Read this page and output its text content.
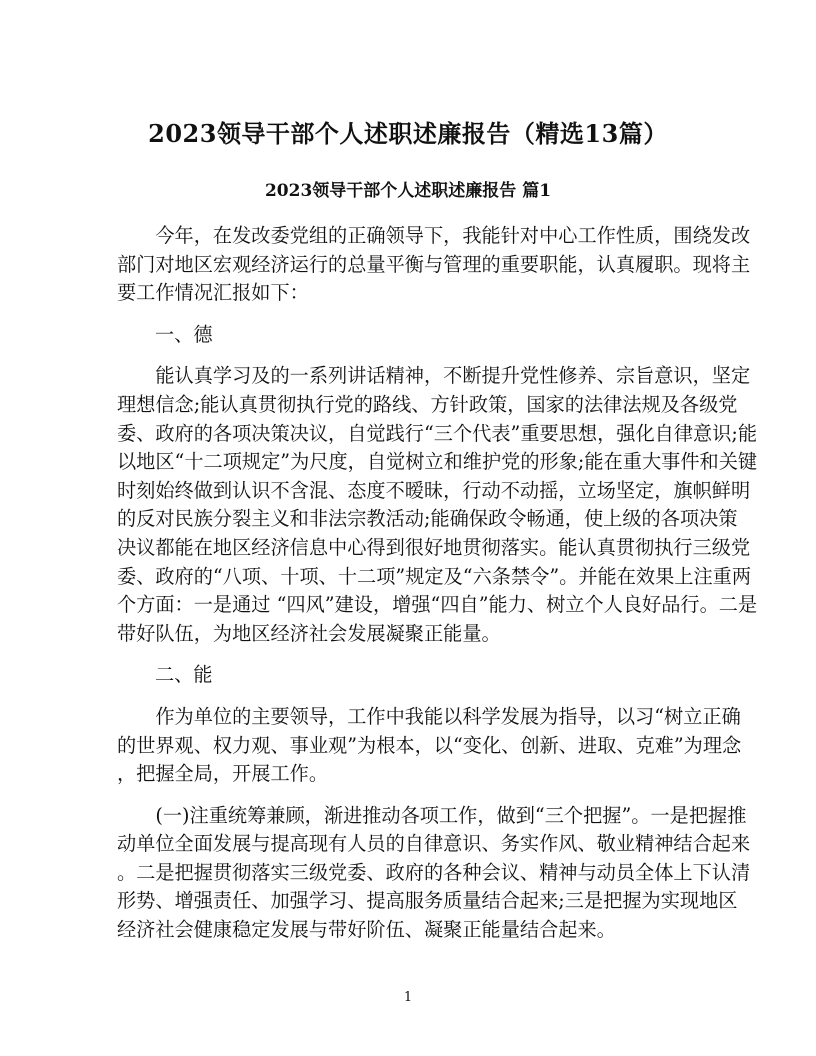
2023领导干部个人述职述廉报告（精选13篇）
2023领导干部个人述职述廉报告 篇1
　　今年，在发改委党组的正确领导下，我能针对中心工作性质，围绕发改
部门对地区宏观经济运行的总量平衡与管理的重要职能，认真履职。现将主
要工作情况汇报如下：
一、德
　　能认真学习及的一系列讲话精神，不断提升党性修养、宗旨意识，坚定
理想信念;能认真贯彻执行党的路线、方针政策，国家的法律法规及各级党
委、政府的各项决策决议，自觉践行“三个代表”重要思想，强化自律意识;能
以地区“十二项规定”为尺度，自觉树立和维护党的形象;能在重大事件和关键
时刻始终做到认识不含混、态度不暧昧，行动不动摇，立场坚定，旗帜鲜明
的反对民族分裂主义和非法宗教活动;能确保政令畅通，使上级的各项决策
决议都能在地区经济信息中心得到很好地贯彻落实。能认真贯彻执行三级党
委、政府的“八项、十项、十二项”规定及“六条禁令”。并能在效果上注重两
个方面：一是通过 “四风”建设，增强“四自”能力、树立个人良好品行。二是
带好队伍，为地区经济社会发展凝聚正能量。
二、能
　　作为单位的主要领导，工作中我能以科学发展为指导，以习“树立正确
的世界观、权力观、事业观”为根本，以“变化、创新、进取、克难”为理念
，把握全局，开展工作。
　　(一)注重统筹兼顾，渐进推动各项工作，做到“三个把握”。一是把握推
动单位全面发展与提高现有人员的自律意识、务实作风、敬业精神结合起来
。二是把握贯彻落实三级党委、政府的各种会议、精神与动员全体上下认清
形势、增强责任、加强学习、提高服务质量结合起来;三是把握为实现地区
经济社会健康稳定发展与带好阶伍、凝聚正能量结合起来。
1
